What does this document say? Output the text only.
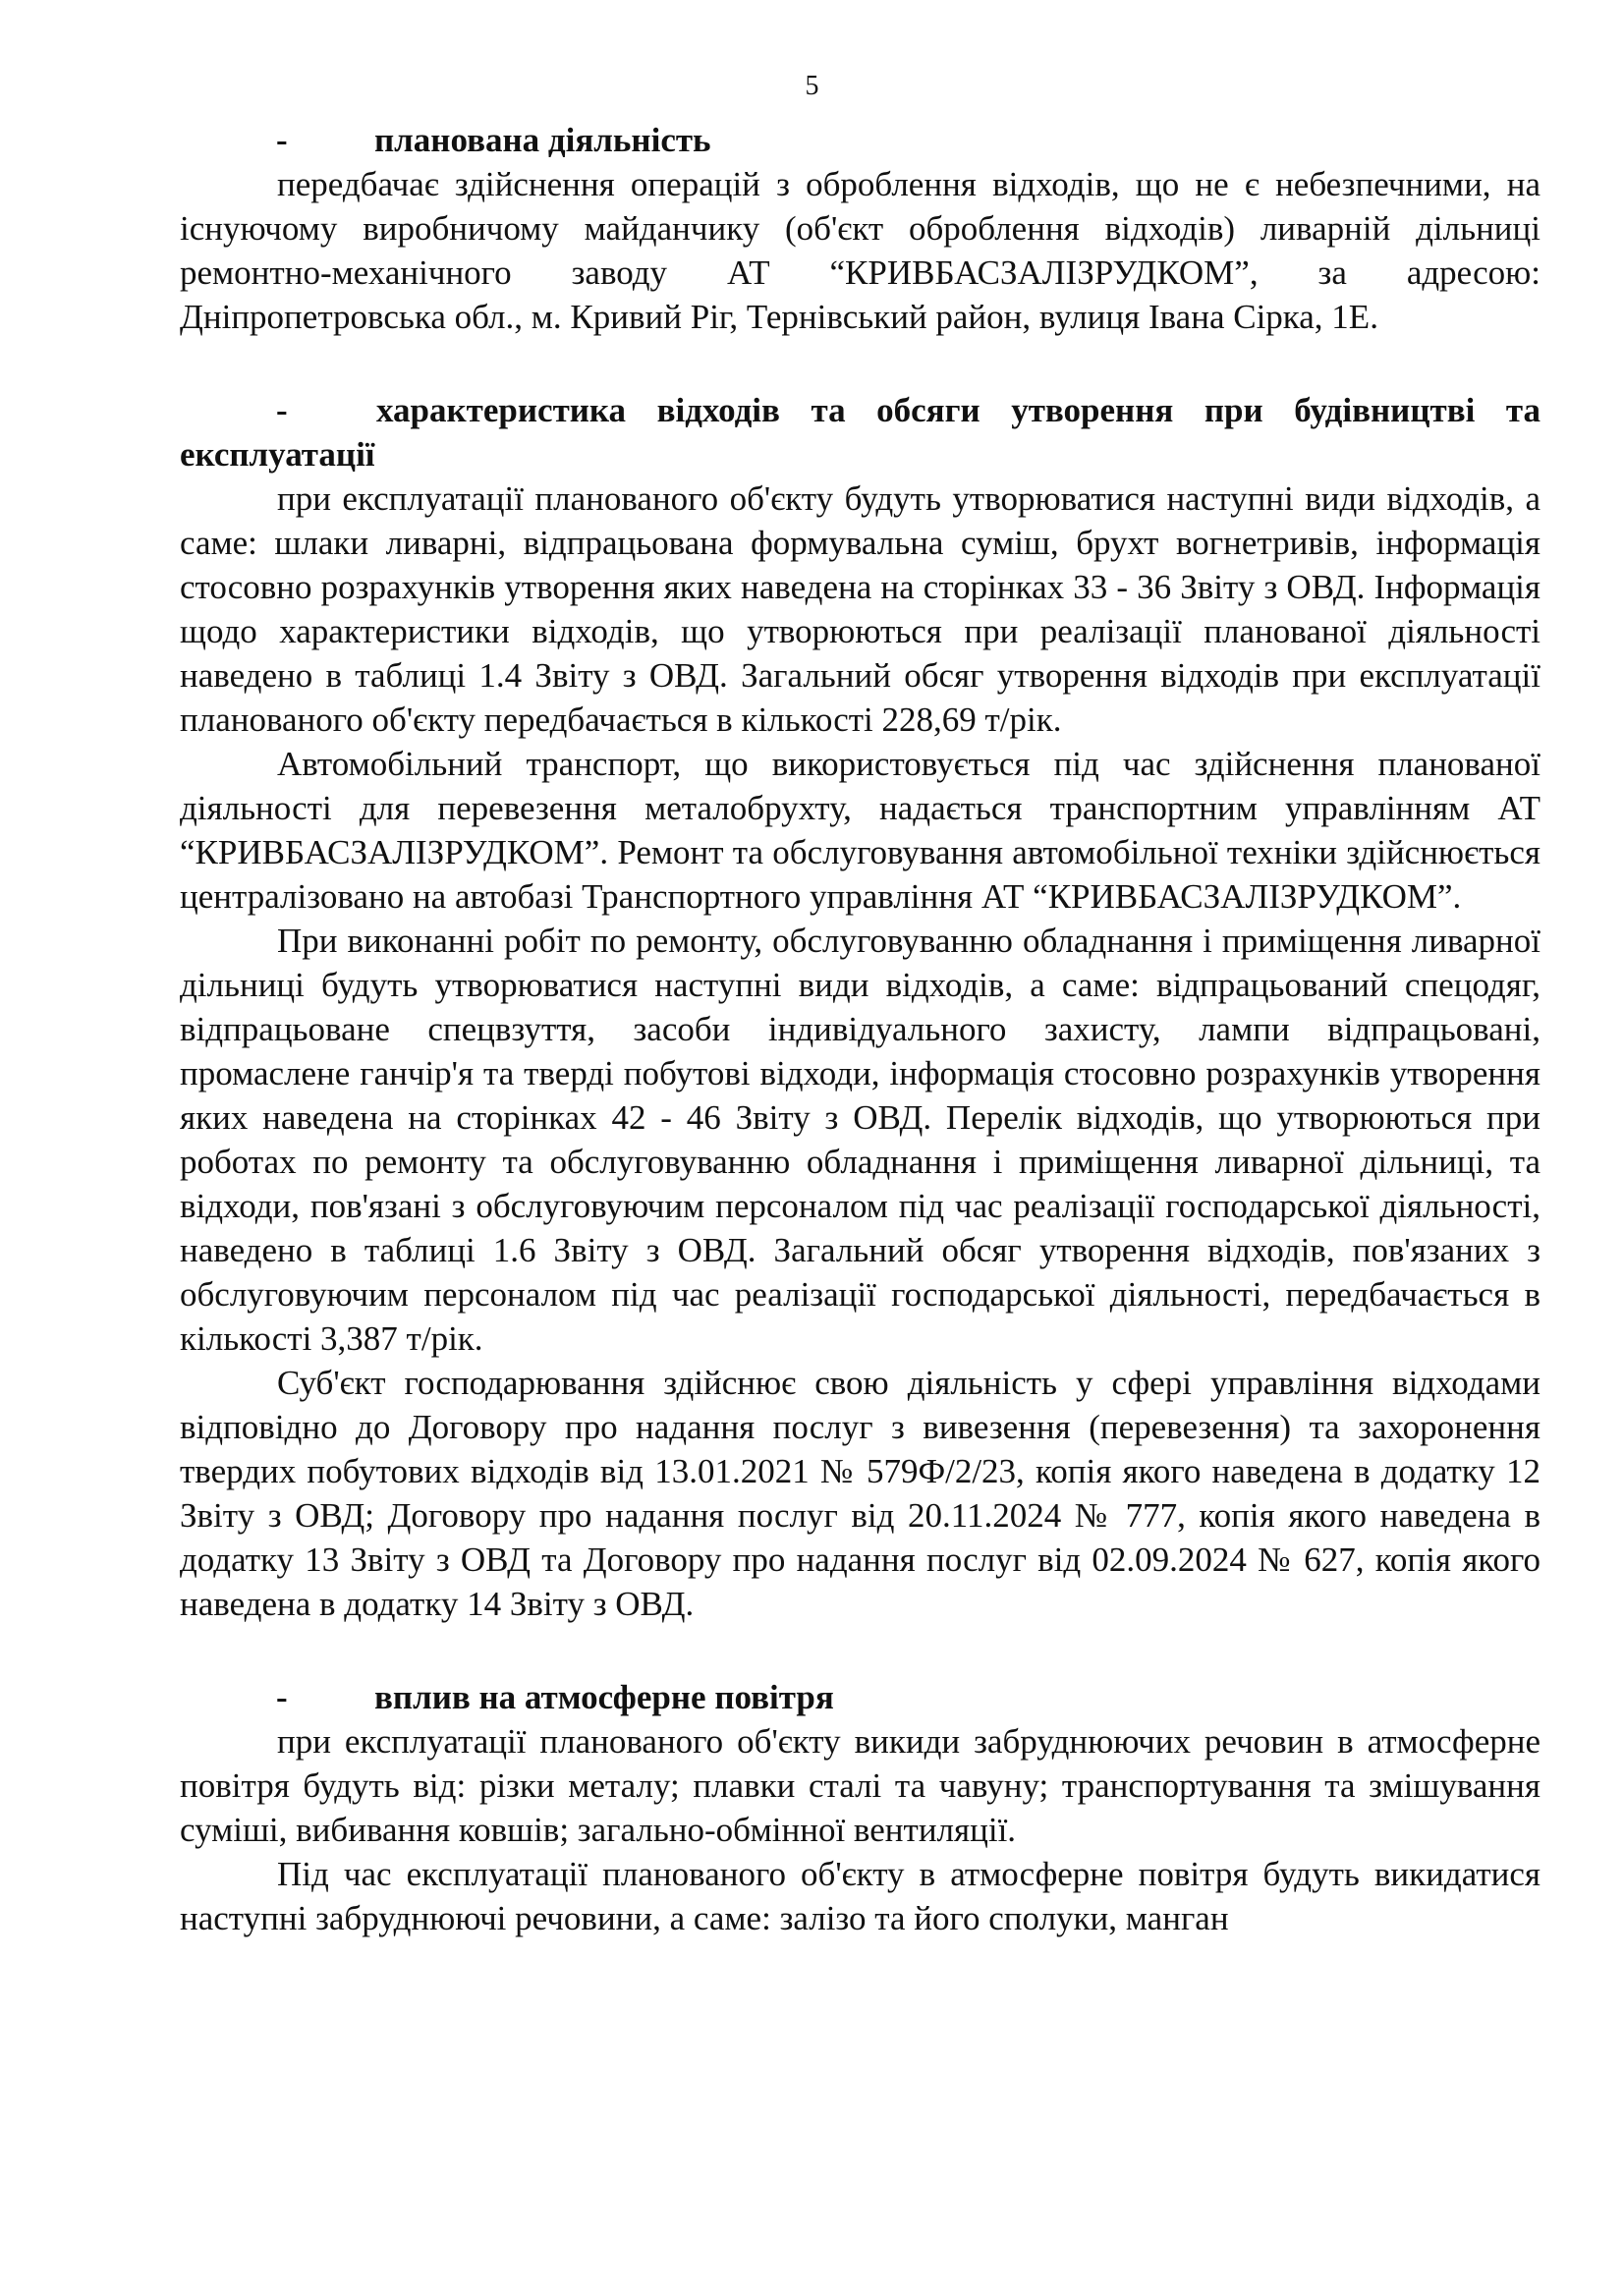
5
-	планована діяльність

передбачає здійснення операцій з оброблення відходів, що не є небезпечними, на існуючому виробничому майданчику (об'єкт оброблення відходів) ливарній дільниці ремонтно-механічного заводу АТ “КРИВБАСЗАЛІЗРУДКОМ”, за адресою: Дніпропетровська обл., м. Кривий Ріг, Тернівський район, вулиця Івана Сірка, 1Е.

-	характеристика відходів та обсяги утворення при будівництві та експлуатації

при експлуатації планованого об'єкту будуть утворюватися наступні види відходів, а саме: шлаки ливарні, відпрацьована формувальна суміш, брухт вогнетривів, інформація стосовно розрахунків утворення яких наведена на сторінках 33 - 36 Звіту з ОВД. Інформація щодо характеристики відходів, що утворюються при реалізації планованої діяльності наведено в таблиці 1.4 Звіту з ОВД. Загальний обсяг утворення відходів при експлуатації планованого об'єкту передбачається в кількості 228,69 т/рік.

Автомобільний транспорт, що використовується під час здійснення планованої діяльності для перевезення металобрухту, надається транспортним управлінням АТ “КРИВБАСЗАЛІЗРУДКОМ”. Ремонт та обслуговування автомобільної техніки здійснюється централізовано на автобазі Транспортного управління АТ “КРИВБАСЗАЛІЗРУДКОМ”.

При виконанні робіт по ремонту, обслуговуванню обладнання і приміщення ливарної дільниці будуть утворюватися наступні види відходів, а саме: відпрацьований спецодяг, відпрацьоване спецвзуття, засоби індивідуального захисту, лампи відпрацьовані, промаслене ганчір'я та тверді побутові відходи, інформація стосовно розрахунків утворення яких наведена на сторінках 42 - 46 Звіту з ОВД. Перелік відходів, що утворюються при роботах по ремонту та обслуговуванню обладнання і приміщення ливарної дільниці, та відходи, пов'язані з обслуговуючим персоналом під час реалізації господарської діяльності, наведено в таблиці 1.6 Звіту з ОВД. Загальний обсяг утворення відходів, пов'язаних з обслуговуючим персоналом під час реалізації господарської діяльності, передбачається в кількості 3,387 т/рік.

Суб'єкт господарювання здійснює свою діяльність у сфері управління відходами відповідно до Договору про надання послуг з вивезення (перевезення) та захоронення твердих побутових відходів від 13.01.2021 № 579Ф/2/23, копія якого наведена в додатку 12 Звіту з ОВД; Договору про надання послуг від 20.11.2024 № 777, копія якого наведена в додатку 13 Звіту з ОВД та Договору про надання послуг від 02.09.2024 № 627, копія якого наведена в додатку 14 Звіту з ОВД.

-	вплив на атмосферне повітря

при експлуатації планованого об'єкту викиди забруднюючих речовин в атмосферне повітря будуть від: різки металу; плавки сталі та чавуну; транспортування та змішування суміші, вибивання ковшів; загально-обмінної вентиляції.

Під час експлуатації планованого об'єкту в атмосферне повітря будуть викидатися наступні забруднюючі речовини, а саме: залізо та його сполуки, манган
